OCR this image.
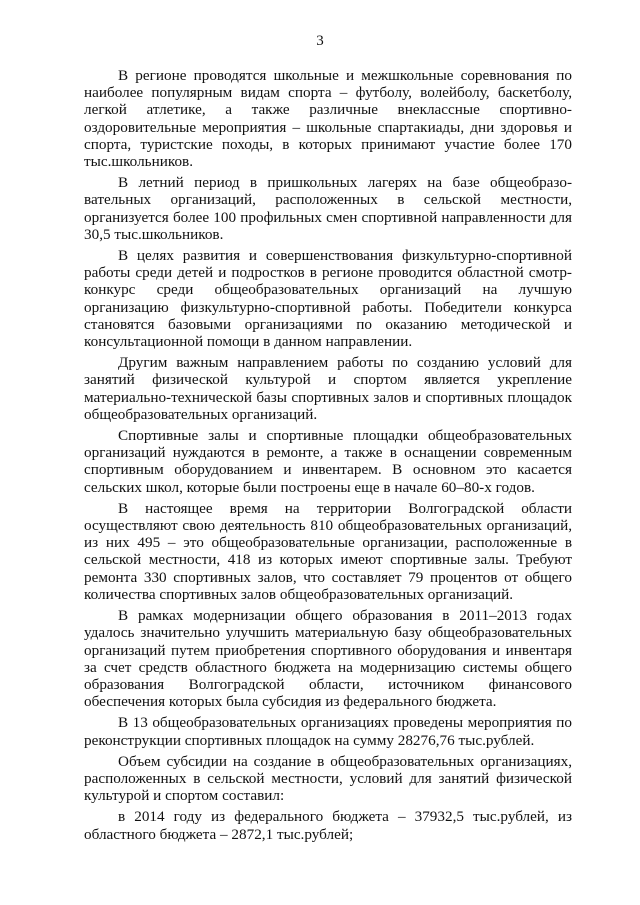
3

В регионе проводятся школьные и межшкольные соревнования по наиболее популярным видам спорта – футболу, волейболу, баскетболу, легкой атлетике, а также различные внеклассные спортивно-оздоровительные мероприятия – школьные спартакиады, дни здоровья и спорта, туристские походы, в которых принимают участие более 170 тыс.школьников.

В летний период в пришкольных лагерях на базе общеобразовательных организаций, расположенных в сельской местности, организуется более 100 профильных смен спортивной направленности для 30,5 тыс.школьников.

В целях развития и совершенствования физкультурно-спортивной работы среди детей и подростков в регионе проводится областной смотр-конкурс среди общеобразовательных организаций на лучшую организацию физкультурно-спортивной работы. Победители конкурса становятся базовыми организациями по оказанию методической и консультационной помощи в данном направлении.

Другим важным направлением работы по созданию условий для занятий физической культурой и спортом является укрепление материально-технической базы спортивных залов и спортивных площадок общеобразовательных организаций.

Спортивные залы и спортивные площадки общеобразовательных организаций нуждаются в ремонте, а также в оснащении современным спортивным оборудованием и инвентарем. В основном это касается сельских школ, которые были построены еще в начале 60–80-х годов.

В настоящее время на территории Волгоградской области осуществляют свою деятельность 810 общеобразовательных организаций, из них 495 – это общеобразовательные организации, расположенные в сельской местности, 418 из которых имеют спортивные залы. Требуют ремонта 330 спортивных залов, что составляет 79 процентов от общего количества спортивных залов общеобразовательных организаций.

В рамках модернизации общего образования в 2011–2013 годах удалось значительно улучшить материальную базу общеобразовательных организаций путем приобретения спортивного оборудования и инвентаря за счет средств областного бюджета на модернизацию системы общего образования Волгоградской области, источником финансового обеспечения которых была субсидия из федерального бюджета.

В 13 общеобразовательных организациях проведены мероприятия по реконструкции спортивных площадок на сумму 28276,76 тыс.рублей.

Объем субсидии на создание в общеобразовательных организациях, расположенных в сельской местности, условий для занятий физической культурой и спортом составил:

в 2014 году из федерального бюджета – 37932,5 тыс.рублей, из областного бюджета – 2872,1 тыс.рублей;
